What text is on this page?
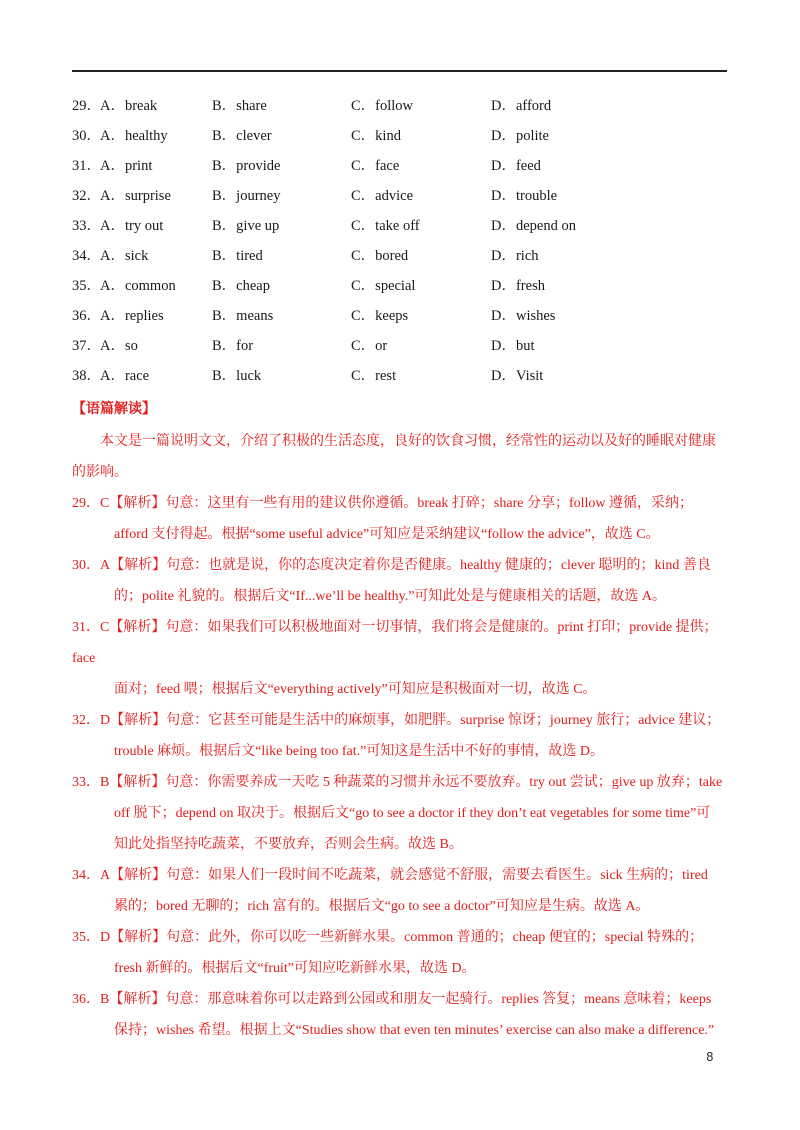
29． A．break	B．share	C．follow	D．afford
30． A．healthy	B．clever	C．kind	D．polite
31． A．print	B．provide	C．face	D．feed
32． A．surprise	B．journey	C．advice	D．trouble
33． A．try out	B．give up	C．take off	D．depend on
34． A．sick	B．tired	C．bored	D．rich
35． A．common	B．cheap	C．special	D．fresh
36． A．replies	B．means	C．keeps	D．wishes
37． A．so	B．for	C．or	D．but
38． A．race	B．luck	C．rest	D．Visit
【语篇解读】
本文是一篇说明文文，介绍了积极的生活态度，良好的饮食习惯，经常性的运动以及好的睡眠对健康
的影响。
29．C【解析】句意：这里有一些有用的建议供你遵循。break 打碎；share 分享；follow 遵循，采纳；
afford 支付得起。根据“some useful advice”可知应是采纳建议“follow the advice”，故选 C。
30．A【解析】句意：也就是说，你的态度决定着你是否健康。healthy 健康的；clever 聪明的；kind 善良
的；polite 礼貌的。根据后文“If...we’ll be healthy.”可知此处是与健康相关的话题，故选 A。
31．C【解析】句意：如果我们可以积极地面对一切事情，我们将会是健康的。print 打印；provide 提供；
face
面对；feed 喂；根据后文“everything actively”可知应是积极面对一切，故选 C。
32．D【解析】句意：它甚至可能是生活中的麻烦事，如肥胖。surprise 惊讶；journey 旅行；advice 建议；
trouble 麻烦。根据后文“like being too fat.”可知这是生活中不好的事情，故选 D。
33．B【解析】句意：你需要养成一天吃 5 种蔬菜的习惯并永远不要放弃。try out 尝试；give up 放弃；take
off 脱下；depend on 取决于。根据后文“go to see a doctor if they don’t eat vegetables for some time”可
知此处指坚持吃蔬菜，不要放弃，否则会生病。故选 B。
34．A【解析】句意：如果人们一段时间不吃蔬菜，就会感觉不舒服，需要去看医生。sick 生病的；tired
累的；bored 无聊的；rich 富有的。根据后文“go to see a doctor”可知应是生病。故选 A。
35．D【解析】句意：此外，你可以吃一些新鲜水果。common 普通的；cheap 便宜的；special 特殊的；
fresh 新鲜的。根据后文“fruit”可知应吃新鲜水果，故选 D。
36．B【解析】句意：那意味着你可以走路到公园或和朋友一起骑行。replies 答复；means 意味着；keeps
保持；wishes 希望。根据上文“Studies show that even ten minutes’ exercise can also make a difference.”
8
